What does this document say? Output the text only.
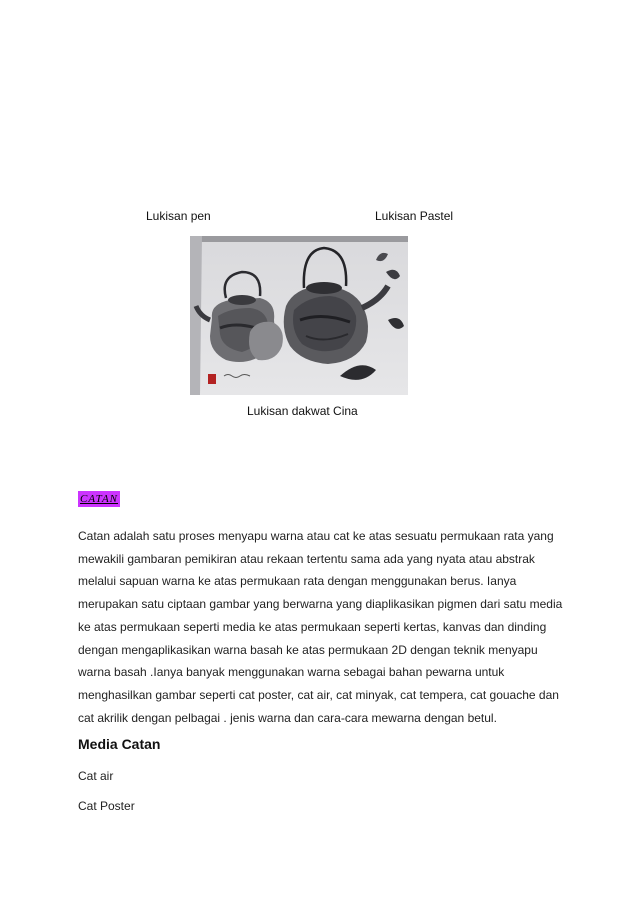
Lukisan pen	Lukisan Pastel
Lukisan dakwat Cina
CATAN

Catan adalah satu proses menyapu warna atau cat ke atas sesuatu permukaan rata yang

mewakili gambaran pemikiran atau rekaan tertentu sama ada yang nyata atau abstrak

melalui sapuan warna ke atas permukaan rata dengan menggunakan berus. Ianya

merupakan satu ciptaan gambar yang berwarna yang diaplikasikan pigmen dari satu media

ke atas permukaan seperti media ke atas permukaan seperti kertas, kanvas dan dinding

dengan mengaplikasikan warna basah ke atas permukaan 2D dengan teknik menyapu

warna basah .Ianya banyak menggunakan warna sebagai bahan pewarna untuk

menghasilkan gambar seperti cat poster, cat air, cat minyak, cat tempera, cat gouache dan

cat akrilik dengan pelbagai . jenis warna dan cara-cara mewarna dengan betul.

Media Catan
Cat air
Cat Poster
